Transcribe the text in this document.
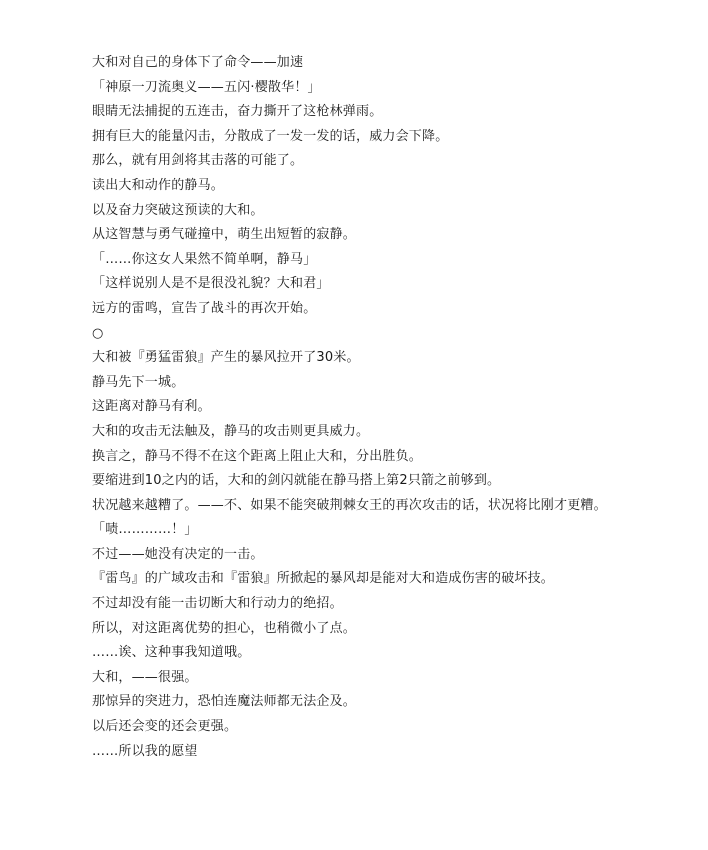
大和对自己的身体下了命令——加速

「神原一刀流奥义——五闪·樱散华！」

眼睛无法捕捉的五连击，奋力撕开了这枪林弹雨。

拥有巨大的能量闪击，分散成了一发一发的话，威力会下降。

那么，就有用剑将其击落的可能了。

读出大和动作的静马。

以及奋力突破这预读的大和。

从这智慧与勇气碰撞中，萌生出短暂的寂静。

「……你这女人果然不简单啊，静马」

「这样说别人是不是很没礼貌？大和君」

远方的雷鸣，宣告了战斗的再次开始。

○

大和被『勇猛雷狼』产生的暴风拉开了30米。

静马先下一城。

这距离对静马有利。

大和的攻击无法触及，静马的攻击则更具威力。

换言之，静马不得不在这个距离上阻止大和，分出胜负。

要缩进到10之内的话，大和的剑闪就能在静马搭上第2只箭之前够到。

状况越来越糟了。——不、如果不能突破荆棘女王的再次攻击的话，状况将比刚才更糟。

「啧…………！」

不过——她没有决定的一击。

『雷鸟』的广域攻击和『雷狼』所掀起的暴风却是能对大和造成伤害的破坏技。

不过却没有能一击切断大和行动力的绝招。

所以，对这距离优势的担心，也稍微小了点。

……诶、这种事我知道哦。

大和，——很强。

那惊异的突进力，恐怕连魔法师都无法企及。

以后还会变的还会更强。

……所以我的愿望
